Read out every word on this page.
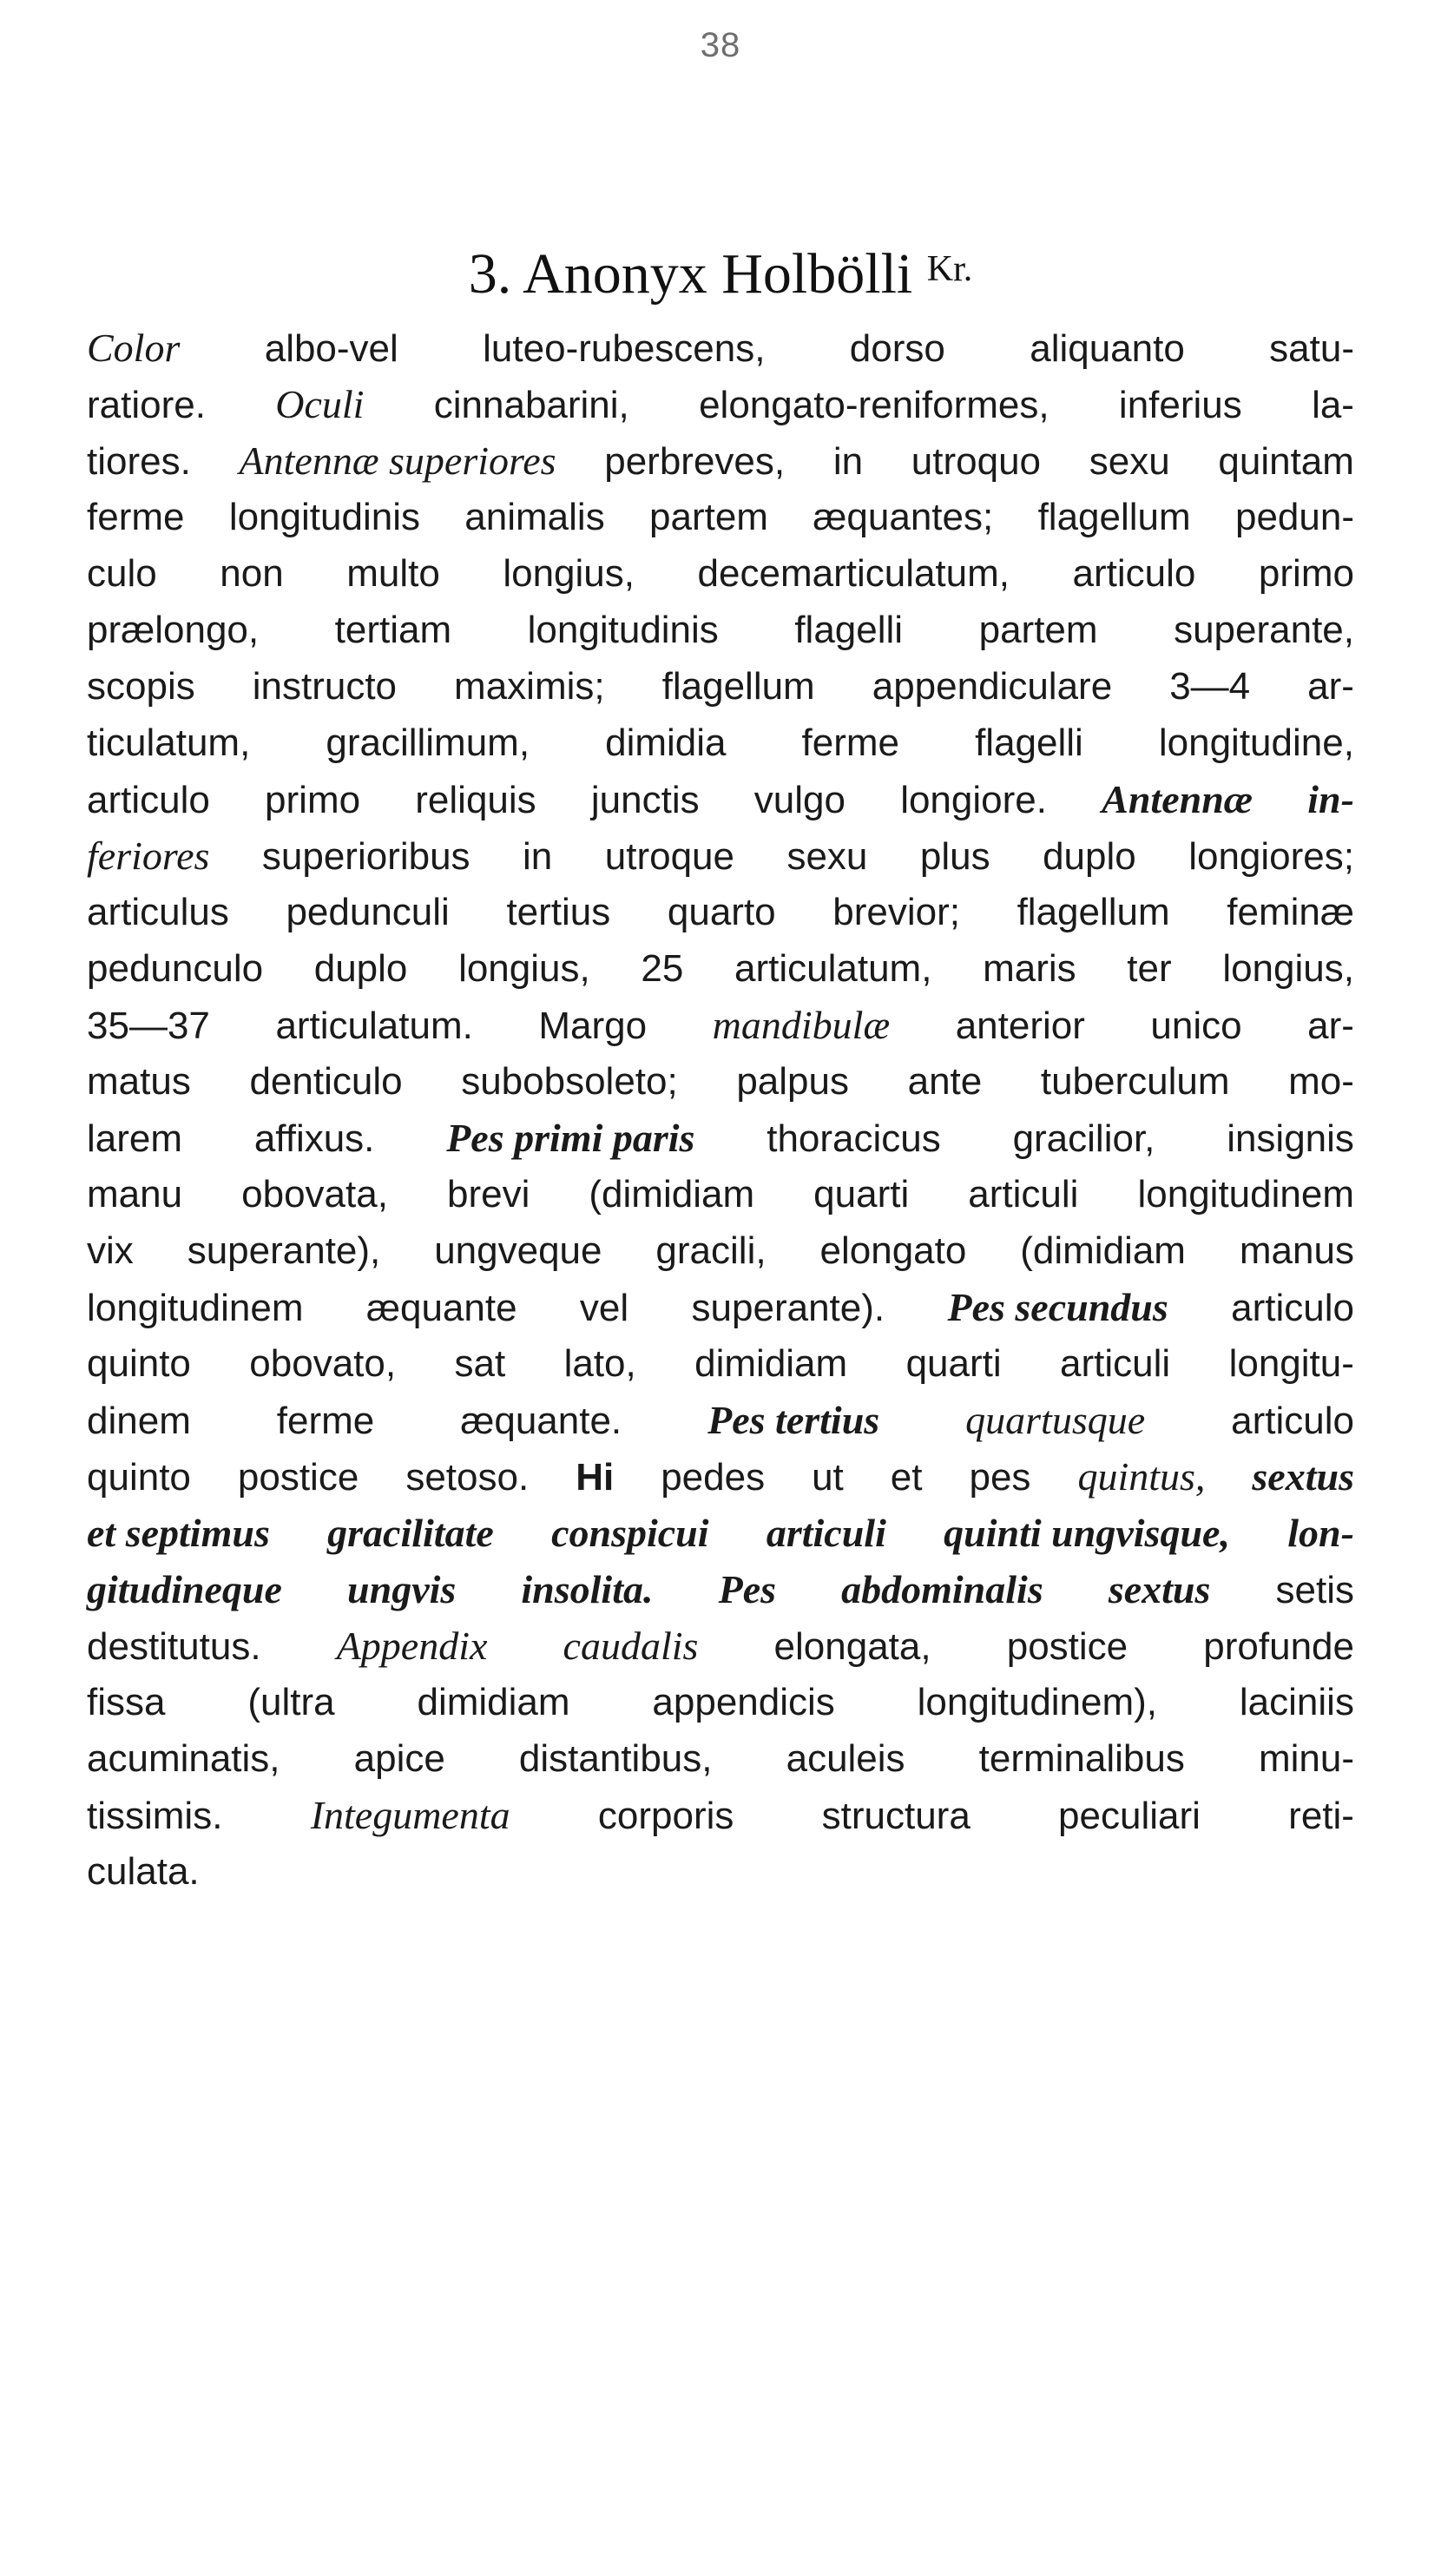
38
3. Anonyx Holbölli $^{Kr.}$
Color albo-vel luteo-rubescens, dorso aliquanto satu-
ratiore. Oculi cinnabarini, elongato-reniformes, inferius la-
tiores. Antennæ superiores perbreves, in utroquo sexu quintam
ferme longitudinis animalis partem æquantes; flagellum pedun-
culo non multo longius, decemarticulatum, articulo primo
prælongo, tertiam longitudinis flagelli partem superante,
scopis instructo maximis; flagellum appendiculare 3—4 ar-
ticulatum, gracillimum, dimidia ferme flagelli longitudine,
articulo primo reliquis junctis vulgo longiore. Antennæ in-
feriores superioribus in utroque sexu plus duplo longiores;
articulus pedunculi tertius quarto brevior; flagellum feminæ
pedunculo duplo longius, 25 articulatum, maris ter longius,
35—37 articulatum. Margo mandibulæ anterior unico ar-
matus denticulo subobsoleto; palpus ante tuberculum mo-
larem affixus. Pes primi paris thoracicus gracilior, insignis
manu obovata, brevi (dimidiam quarti articuli longitudinem
vix superante), ungveque gracili, elongato (dimidiam manus
longitudinem æquante vel superante). Pes secundus articulo
quinto obovato, sat lato, dimidiam quarti articuli longitu-
dinem ferme æquante. Pes tertius quartusque articulo
quinto postice setoso. Hi pedes ut et pes quintus, sextus
et septimus gracilitate conspicui articuli quinti ungvisque, lon-
gitudineque ungvis insolita. Pes abdominalis sextus setis
destitutus. Appendix caudalis elongata, postice profunde
fissa (ultra dimidiam appendicis longitudinem), laciniis
acuminatis, apice distantibus, aculeis terminalibus minu-
tissimis. Integumenta corporis structura peculiari reti-
culata.
